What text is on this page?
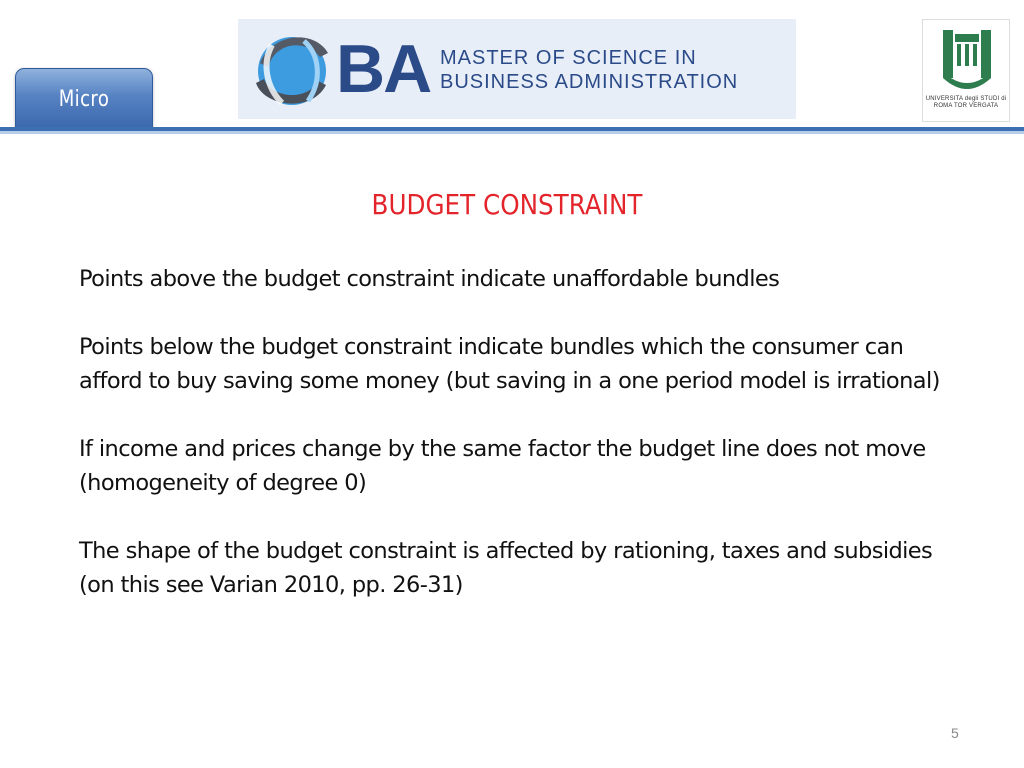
Micro	BA MASTER OF SCIENCE IN
BUSINESS ADMINISTRATION
UNIVERSITA degli STUDI di ROMA TOR VERGATA
BUDGET CONSTRAINT

Points above the budget constraint indicate unaffordable bundles

Points below the budget constraint indicate bundles which the consumer can afford to buy saving some money (but saving in a one period model is irrational)

If income and prices change by the same factor the budget line does not move (homogeneity of degree 0)

The shape of the budget constraint is affected by rationing, taxes and subsidies (on this see Varian 2010, pp. 26-31)

5
